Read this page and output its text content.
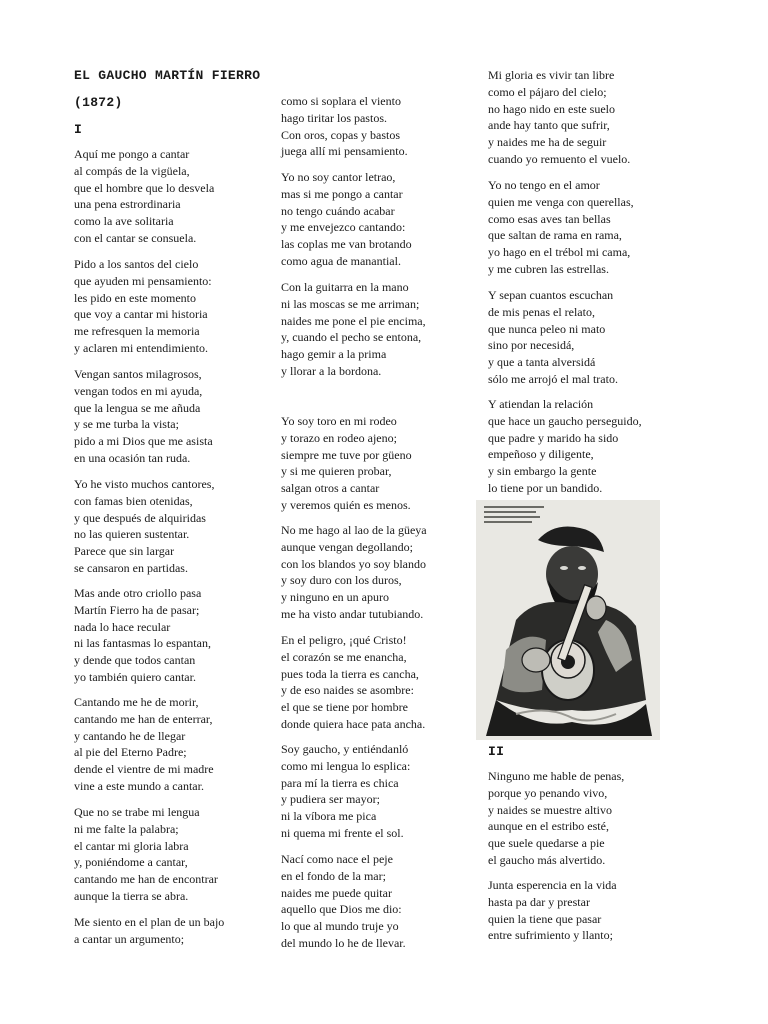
EL GAUCHO MARTÍN FIERRO
(1872)
I

Aquí me pongo a cantar
al compás de la vigüela,
que el hombre que lo desvela
una pena estrordinaria
como la ave solitaria
con el cantar se consuela.

Pido a los santos del cielo
que ayuden mi pensamiento:
les pido en este momento
que voy a cantar mi historia
me refresquen la memoria
y aclaren mi entendimiento.

Vengan santos milagrosos,
vengan todos en mi ayuda,
que la lengua se me añuda
y se me turba la vista;
pido a mi Dios que me asista
en una ocasión tan ruda.

Yo he visto muchos cantores,
con famas bien otenidas,
y que después de alquiridas
no las quieren sustentar.
Parece que sin largar
se cansaron en partidas.

Mas ande otro criollo pasa
Martín Fierro ha de pasar;
nada lo hace recular
ni las fantasmas lo espantan,
y dende que todos cantan
yo también quiero cantar.

Cantando me he de morir,
cantando me han de enterrar,
y cantando he de llegar
al pie del Eterno Padre;
dende el vientre de mi madre
vine a este mundo a cantar.

Que no se trabe mi lengua
ni me falte la palabra;
el cantar mi gloria labra
y, poniéndome a cantar,
cantando me han de encontrar
aunque la tierra se abra.

Me siento en el plan de un bajo
a cantar un argumento;

como si soplara el viento
hago tiritar los pastos.
Con oros, copas y bastos
juega allí mi pensamiento.

Yo no soy cantor letrao,
mas si me pongo a cantar
no tengo cuándo acabar
y me envejezco cantando:
las coplas me van brotando
como agua de manantial.

Con la guitarra en la mano
ni las moscas se me arriman;
naides me pone el pie encima,
y, cuando el pecho se entona,
hago gemir a la prima
y llorar a la bordona.

Yo soy toro en mi rodeo
y torazo en rodeo ajeno;
siempre me tuve por güeno
y si me quieren probar,
salgan otros a cantar
y veremos quién es menos.

No me hago al lao de la güeya
aunque vengan degollando;
con los blandos yo soy blando
y soy duro con los duros,
y ninguno en un apuro
me ha visto andar tutubiando.

En el peligro, ¡qué Cristo!
el corazón se me enancha,
pues toda la tierra es cancha,
y de eso naides se asombre:
el que se tiene por hombre
donde quiera hace pata ancha.

Soy gaucho, y entiéndanló
como mi lengua lo esplica:
para mí la tierra es chica
y pudiera ser mayor;
ni la víbora me pica
ni quema mi frente el sol.

Nací como nace el peje
en el fondo de la mar;
naides me puede quitar
aquello que Dios me dio:
lo que al mundo truje yo
del mundo lo he de llevar.

II

Mi gloria es vivir tan libre
como el pájaro del cielo;
no hago nido en este suelo
ande hay tanto que sufrir,
y naides me ha de seguir
cuando yo remuento el vuelo.

Yo no tengo en el amor
quien me venga con querellas,
como esas aves tan bellas
que saltan de rama en rama,
yo hago en el trébol mi cama,
y me cubren las estrellas.

Y sepan cuantos escuchan
de mis penas el relato,
que nunca peleo ni mato
sino por necesidá,
y que a tanta alversidá
sólo me arrojó el mal trato.

Y atiendan la relación
que hace un gaucho perseguido,
que padre y marido ha sido
empeñoso y diligente,
y sin embargo la gente
lo tiene por un bandido.

Ninguno me hable de penas,
porque yo penando vivo,
y naides se muestre altivo
aunque en el estribo esté,
que suele quedarse a pie
el gaucho más alvertido.

Junta esperencia en la vida
hasta pa dar y prestar
quien la tiene que pasar
entre sufrimiento y llanto;
